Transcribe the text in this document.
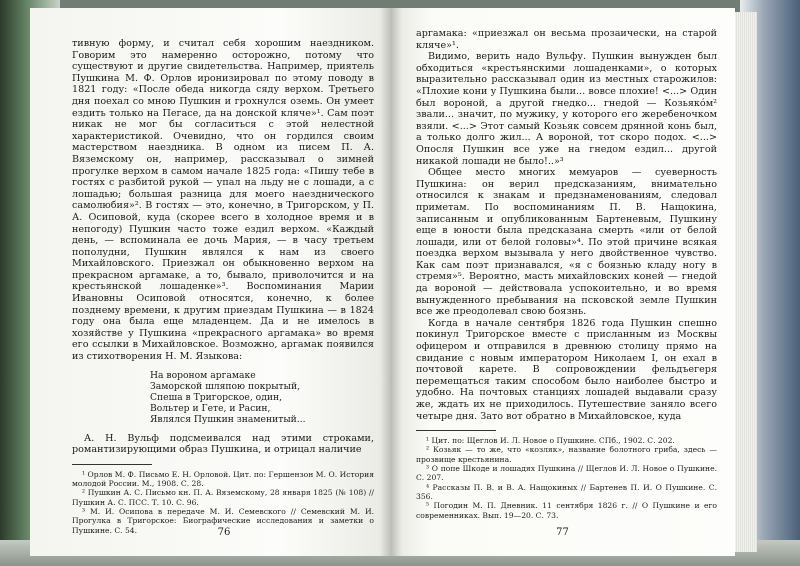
тивную форму, и считал себя хорошим наездником. Говорим это намеренно осторожно, потому что существуют и другие свидетельства. Например, приятель Пушкина М. Ф. Орлов иронизировал по этому поводу в 1821 году: «После обеда никогда сяду верхом. Третьего дня поехал со мною Пушкин и грохнулся оземь. Он умеет ездить только на Пегасе, да на донской кляче»¹. Сам поэт никак не мог бы согласиться с этой нелестной характеристикой. Очевидно, что он гордился своим мастерством наездника. В одном из писем П. А. Вяземскому он, например, рассказывал о зимней прогулке верхом в самом начале 1825 года: «Пишу тебе в гостях с разбитой рукой — упал на льду не с лошади, а с лошадью; большая разница для моего наезднического самолюбия»². В гостях — это, конечно, в Тригорском, у П. А. Осиповой, куда (скорее всего в холодное время и в непогоду) Пушкин часто тоже ездил верхом. «Каждый день, — вспоминала ее дочь Мария, — в часу третьем пополудни, Пушкин являлся к нам из своего Михайловского. Приезжал он обыкновенно верхом на прекрасном аргамаке, а то, бывало, приволочится и на крестьянской лошаденке»³. Воспоминания Марии Ивановны Осиповой относятся, конечно, к более позднему времени, к другим приездам Пушкина — в 1824 году она была еще младенцем. Да и не имелось в хозяйстве у Пушкина «прекрасного аргамака» во время его ссылки в Михайловское. Возможно, аргамак появился из стихотворения Н. М. Языкова:

На вороном аргамаке
Заморской шляпою покрытый,
Спеша в Тригорское, один,
Вольтер и Гете, и Расин,
Являлся Пушкин знаменитый...

А. Н. Вульф подсмеивался над этими строками, романтизирующими образ Пушкина, и отрицал наличие

¹ Орлов М. Ф. Письмо Е. Н. Орловой. Цит. по: Гершензон М. О. История молодой России. М., 1908. С. 28.

² Пушкин А. С. Письмо кн. П. А. Вяземскому, 28 января 1825 (№ 108) // Пушкин А. С. ПСС. Т. 10. С. 96.

³ М. И. Осипова в передаче М. И. Семевского // Семевский М. И. Прогулка в Тригорское: Биографические исследования и заметки о Пушкине. С. 54.	76

аргамака: «приезжал он весьма прозаически, на старой кляче»¹.

Видимо, верить надо Вульфу. Пушкин вынужден был обходиться «крестьянскими лошаденками», о которых выразительно рассказывал один из местных старожилов: «Плохие кони у Пушкина были... вовсе плохие! <...> Один был вороной, а другой гнедко... гнедой — Козьякóм² звали... значит, по мужику, у которого его жеребеночком взяли. <...> Этот самый Козьяк совсем дрянной конь был, а только долго жил... А вороной, тот скоро подох. <...> Опосля Пушкин все уже на гнедом ездил... другой никакой лошади не было!..»³

Общее место многих мемуаров — суеверность Пушкина: он верил предсказаниям, внимательно относился к знакам и предзнаменованиям, следовал приметам. По воспоминаниям П. В. Нащокина, записанным и опубликованным Бартеневым, Пушкину еще в юности была предсказана смерть «или от белой лошади, или от белой головы»⁴. По этой причине всякая поездка верхом вызывала у него двойственное чувство. Как сам поэт признавался, «я с боязнью кладу ногу в стремя»⁵. Вероятно, масть михайловских коней — гнедой да вороной — действовала успокоительно, и во время вынужденного пребывания на псковской земле Пушкин все же преодолевал свою боязнь.

Когда в начале сентября 1826 года Пушкин спешно покинул Тригорское вместе с присланным из Москвы офицером и отправился в древнюю столицу прямо на свидание с новым императором Николаем I, он ехал в почтовой карете. В сопровождении фельдъегеря перемещаться таким способом было наиболее быстро и удобно. На почтовых станциях лошадей выдавали сразу же, ждать их не приходилось. Путешествие заняло всего четыре дня. Зато вот обратно в Михайловское, куда

¹ Цит. по: Щеглов И. Л. Новое о Пушкине. СПб., 1902. С. 202.

² Козьяк — то же, что «козляк», название болотного гриба, здесь — прозвище крестьянина.

³ О попе Шкоде и лошадях Пушкина // Щеглов И. Л. Новое о Пушкине. С. 207.

⁴ Рассказы П. В. и В. А. Нащокиных // Бартенев П. И. О Пушкине. С. 356.

⁵ Погодин М. П. Дневник. 11 сентября 1826 г. // О Пушкине и его современниках. Вып. 19—20. С. 73.

77
